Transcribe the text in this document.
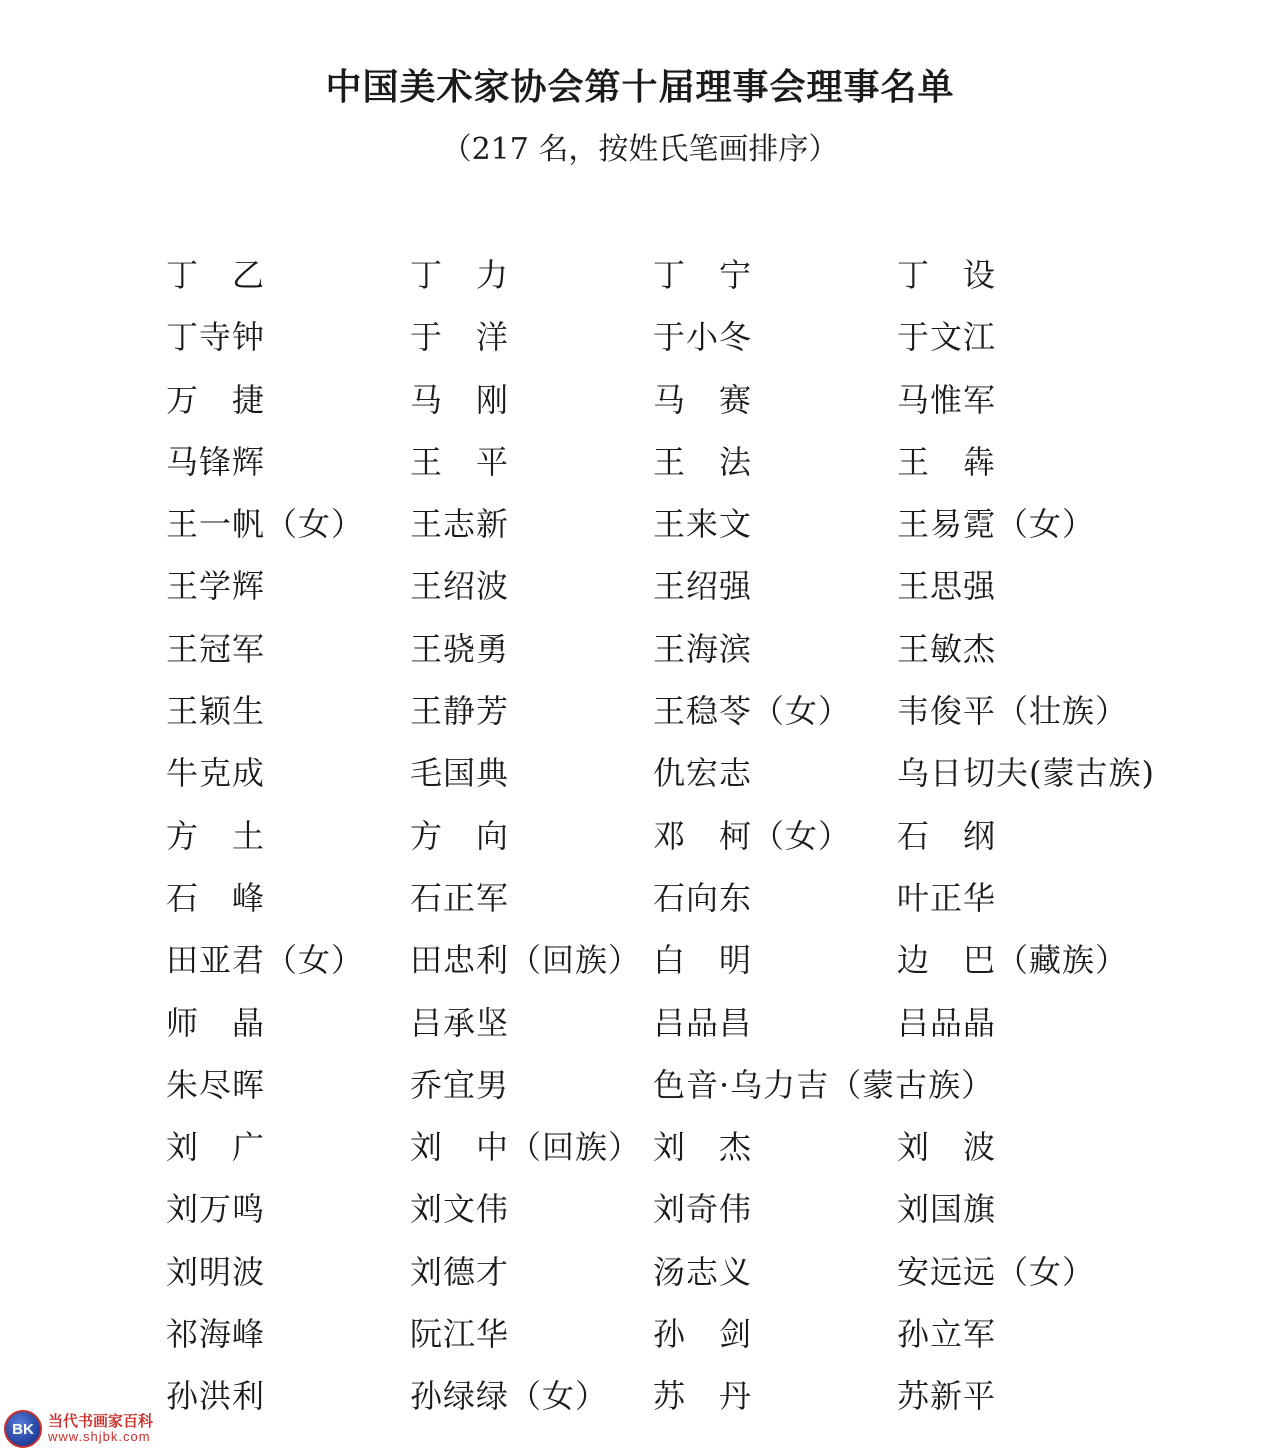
中国美术家协会第十届理事会理事名单
（217 名，按姓氏笔画排序）
丁　乙	丁　力	丁　宁	丁　设
丁寺钟	于　洋	于小冬	于文江
万　捷	马　刚	马　赛	马惟军
马锋辉	王　平	王　法	王　犇
王一帆（女） 王志新	王来文	王易霓（女）
王学辉	王绍波	王绍强	王思强
王冠军	王骁勇	王海滨	王敏杰
王颖生	王静芳	王稳苓（女） 韦俊平（壮族）
牛克成	毛国典	仇宏志	乌日切夫(蒙古族)
方　土	方　向	邓　柯（女） 石　纲
石　峰	石正军	石向东	叶正华
田亚君（女） 田忠利（回族） 白　明	边　巴（藏族）
师　晶	吕承坚	吕品昌	吕品晶
朱尽晖	乔宜男	色音·乌力吉（蒙古族）
刘　广	刘　中（回族） 刘　杰	刘　波
刘万鸣	刘文伟	刘奇伟	刘国旗
刘明波	刘德才	汤志义	安远远（女）
祁海峰	阮江华	孙　剑	孙立军
孙洪利	孙绿绿（女） 苏　丹	苏新平
BK 当代书画家百科
www.shjbk.com
